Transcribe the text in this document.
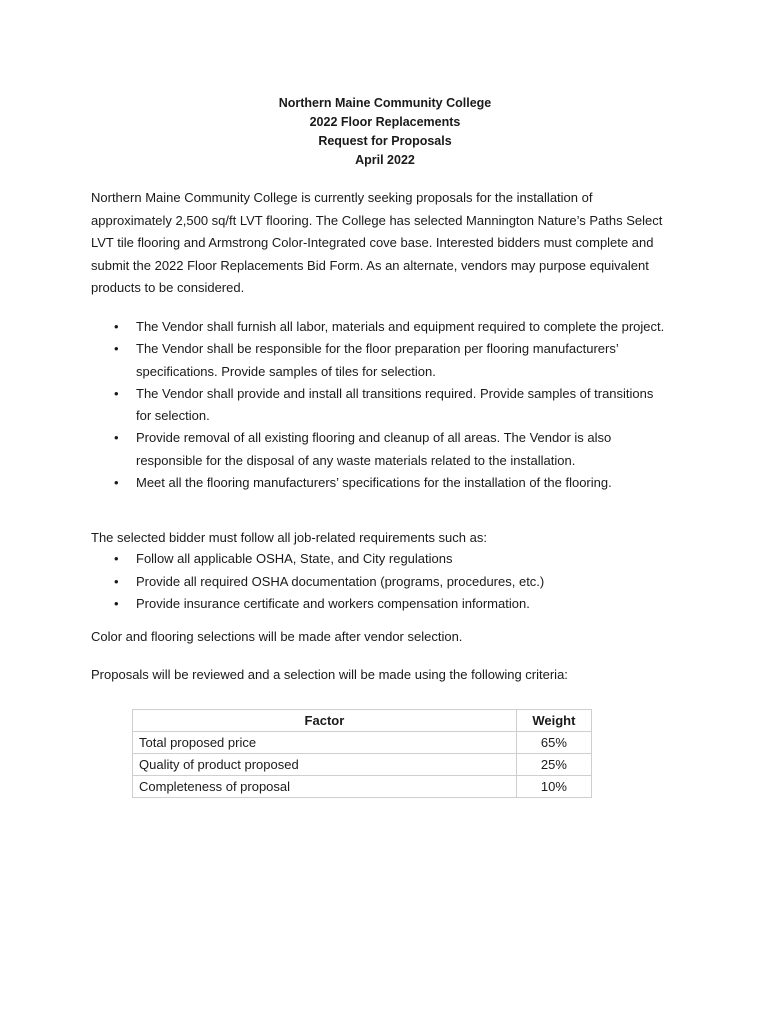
Northern Maine Community College
2022 Floor Replacements
Request for Proposals
April 2022

Northern Maine Community College is currently seeking proposals for the installation of approximately 2,500 sq/ft LVT flooring. The College has selected Mannington Nature’s Paths Select LVT tile flooring and Armstrong Color-Integrated cove base. Interested bidders must complete and submit the 2022 Floor Replacements Bid Form. As an alternate, vendors may purpose equivalent products to be considered.

• The Vendor shall furnish all labor, materials and equipment required to complete the project.
• The Vendor shall be responsible for the floor preparation per flooring manufacturers’ specifications. Provide samples of tiles for selection.
• The Vendor shall provide and install all transitions required. Provide samples of transitions for selection.
• Provide removal of all existing flooring and cleanup of all areas. The Vendor is also responsible for the disposal of any waste materials related to the installation.
• Meet all the flooring manufacturers’ specifications for the installation of the flooring.

The selected bidder must follow all job-related requirements such as:

• Follow all applicable OSHA, State, and City regulations
• Provide all required OSHA documentation (programs, procedures, etc.)
• Provide insurance certificate and workers compensation information.

Color and flooring selections will be made after vendor selection.

Proposals will be reviewed and a selection will be made using the following criteria:

Factor	Weight
Total proposed price	65%
Quality of product proposed	25%
Completeness of proposal	10%
